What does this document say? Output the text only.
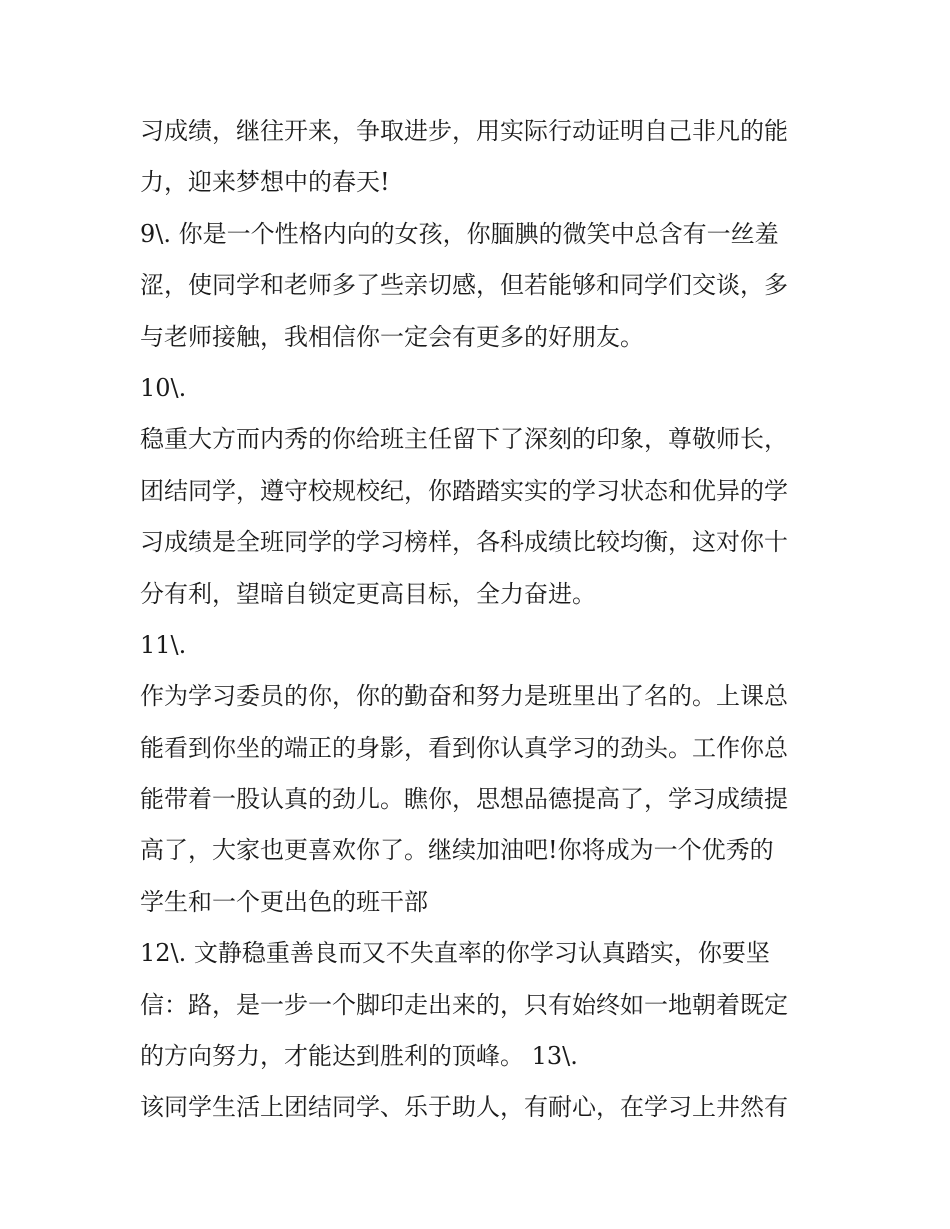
习成绩，继往开来，争取进步，用实际行动证明自己非凡的能
力，迎来梦想中的春天!
9\. 你是一个性格内向的女孩，你腼腆的微笑中总含有一丝羞
涩，使同学和老师多了些亲切感，但若能够和同学们交谈，多
与老师接触，我相信你一定会有更多的好朋友。
10\.
稳重大方而内秀的你给班主任留下了深刻的印象，尊敬师长，
团结同学，遵守校规校纪，你踏踏实实的学习状态和优异的学
习成绩是全班同学的学习榜样，各科成绩比较均衡，这对你十
分有利，望暗自锁定更高目标，全力奋进。
11\.
作为学习委员的你，你的勤奋和努力是班里出了名的。上课总
能看到你坐的端正的身影，看到你认真学习的劲头。工作你总
能带着一股认真的劲儿。瞧你，思想品德提高了，学习成绩提
高了，大家也更喜欢你了。继续加油吧!你将成为一个优秀的
学生和一个更出色的班干部
12\. 文静稳重善良而又不失直率的你学习认真踏实，你要坚
信：路，是一步一个脚印走出来的，只有始终如一地朝着既定
的方向努力，才能达到胜利的顶峰。 13\.
该同学生活上团结同学、乐于助人，有耐心，在学习上井然有
